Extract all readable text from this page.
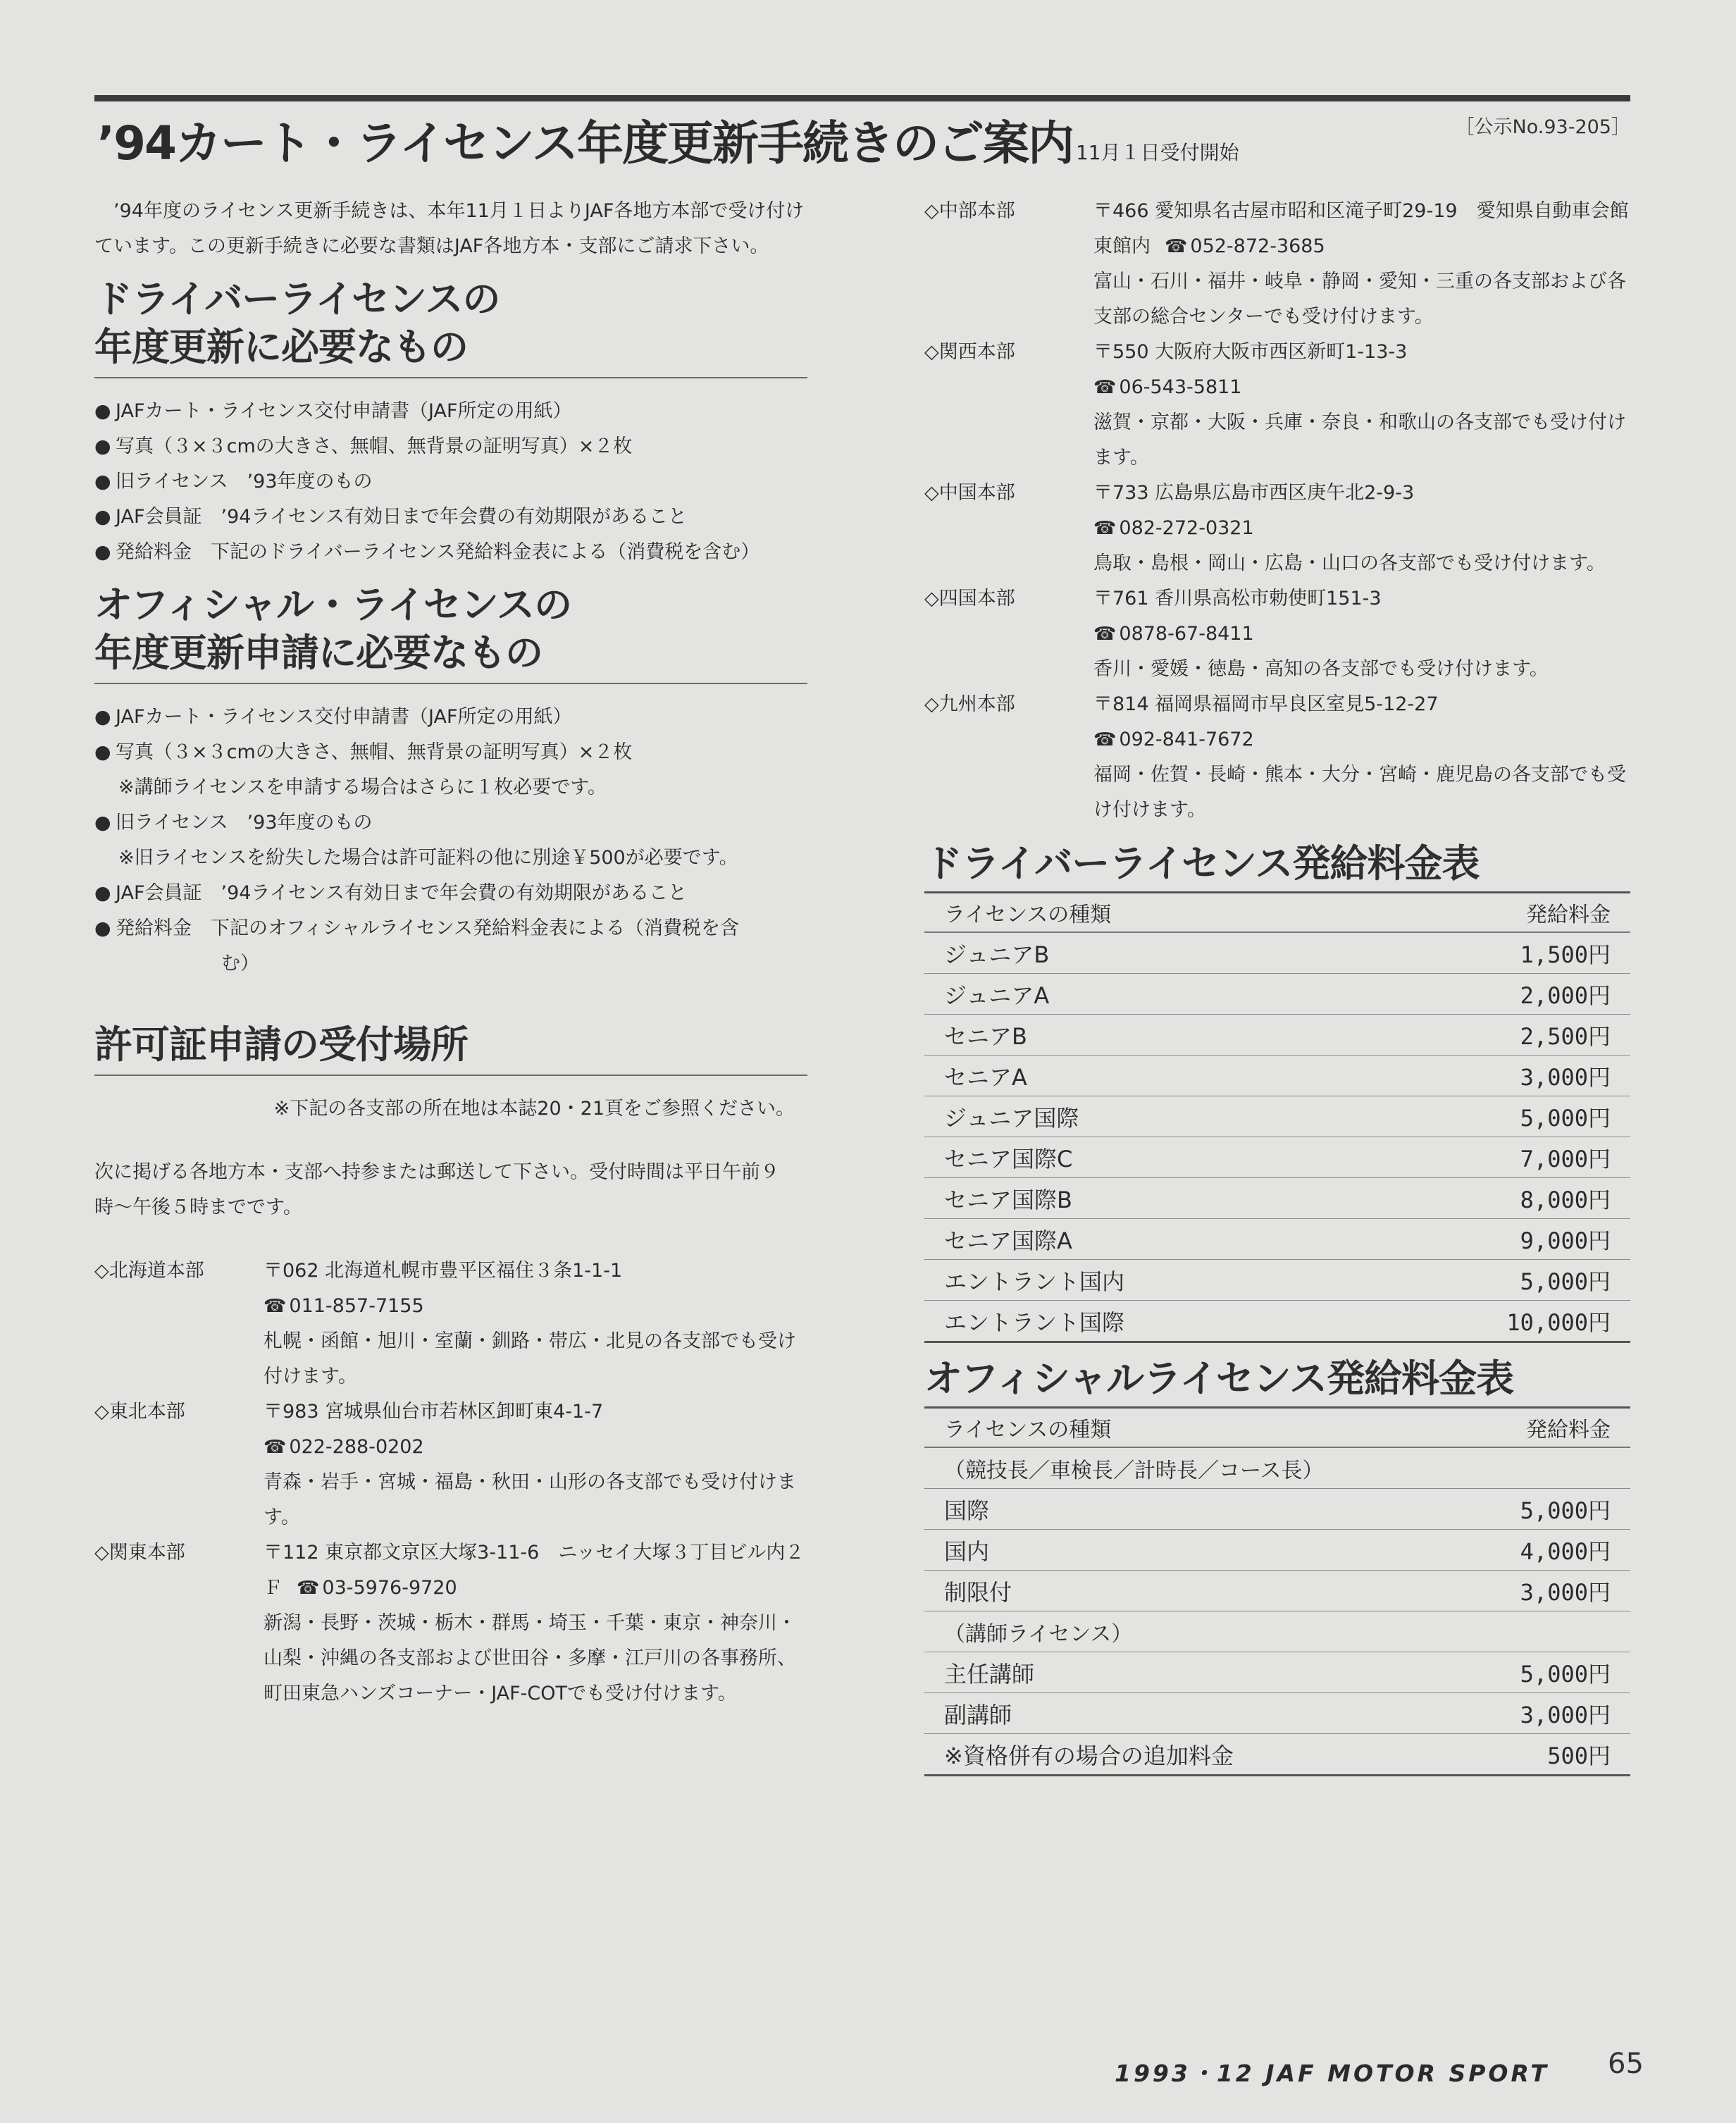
’94カート・ライセンス年度更新手続きのご案内 11月１日受付開始
［公示No.93-205］

’94年度のライセンス更新手続きは、本年11月１日よりJAF各地方本部で受け付けています。この更新手続きに必要な書類はJAF各地方本・支部にご請求下さい。

ドライバーライセンスの
年度更新に必要なもの
● JAFカート・ライセンス交付申請書（JAF所定の用紙）
● 写真（３×３cmの大きさ、無帽、無背景の証明写真）×２枚
● 旧ライセンス　’93年度のもの
● JAF会員証　’94ライセンス有効日まで年会費の有効期限があること
● 発給料金　下記のドライバーライセンス発給料金表による（消費税を含む）
オフィシャル・ライセンスの
年度更新申請に必要なもの
● JAFカート・ライセンス交付申請書（JAF所定の用紙）
● 写真（３×３cmの大きさ、無帽、無背景の証明写真）×２枚
※講師ライセンスを申請する場合はさらに１枚必要です。
● 旧ライセンス　’93年度のもの
※旧ライセンスを紛失した場合は許可証料の他に別途￥500が必要です。
● JAF会員証　’94ライセンス有効日まで年会費の有効期限があること
● 発給料金　下記のオフィシャルライセンス発給料金表による（消費税を含
む）
許可証申請の受付場所

※下記の各支部の所在地は本誌20・21頁をご参照ください。

次に掲げる各地方本・支部へ持参または郵送して下さい。受付時間は平日午前９時〜午後５時までです。

◇ 北海道本部	〒062 北海道札幌市豊平区福住３条1-1-1
☎ 011-857-7155
札幌・函館・旭川・室蘭・釧路・帯広・北見の各支部でも受け付けます。
◇ 東北本部	〒983 宮城県仙台市若林区卸町東4-1-7
☎ 022-288-0202
青森・岩手・宮城・福島・秋田・山形の各支部でも受け付けます。
◇ 関東本部	〒112 東京都文京区大塚3-11-6　ニッセイ大塚３丁目ビル内２Ｆ ☎ 03-5976-9720
新潟・長野・茨城・栃木・群馬・埼玉・千葉・東京・神奈川・山梨・沖縄の各支部および世田谷・多摩・江戸川の各事務所、町田東急ハンズコーナー・JAF-COTでも受け付けます。
◇ 中部本部	〒466 愛知県名古屋市昭和区滝子町29-19　愛知県自動車会館東館内 ☎ 052-872-3685
富山・石川・福井・岐阜・静岡・愛知・三重の各支部および各支部の総合センターでも受け付けます。
◇ 関西本部	〒550 大阪府大阪市西区新町1-13-3
☎ 06-543-5811
滋賀・京都・大阪・兵庫・奈良・和歌山の各支部でも受け付けます。
◇ 中国本部	〒733 広島県広島市西区庚午北2-9-3
☎ 082-272-0321
鳥取・島根・岡山・広島・山口の各支部でも受け付けます。
◇ 四国本部	〒761 香川県高松市勅使町151-3
☎ 0878-67-8411
香川・愛媛・徳島・高知の各支部でも受け付けます。
◇ 九州本部	〒814 福岡県福岡市早良区室見5-12-27
☎ 092-841-7672
福岡・佐賀・長崎・熊本・大分・宮崎・鹿児島の各支部でも受け付けます。
ドライバーライセンス発給料金表
ライセンスの種類	発給料金
ジュニアB	1,500円
ジュニアA	2,000円
セニアB	2,500円
セニアA	3,000円
ジュニア国際	5,000円
セニア国際C	7,000円
セニア国際B	8,000円
セニア国際A	9,000円
エントラント国内	5,000円
エントラント国際	10,000円
オフィシャルライセンス発給料金表
ライセンスの種類	発給料金
（競技長／車検長／計時長／コース長）	
国際	5,000円
国内	4,000円
制限付	3,000円
（講師ライセンス）	
主任講師	5,000円
副講師	3,000円
※資格併有の場合の追加料金	500円
1993・12 JAF MOTOR SPORT 65
